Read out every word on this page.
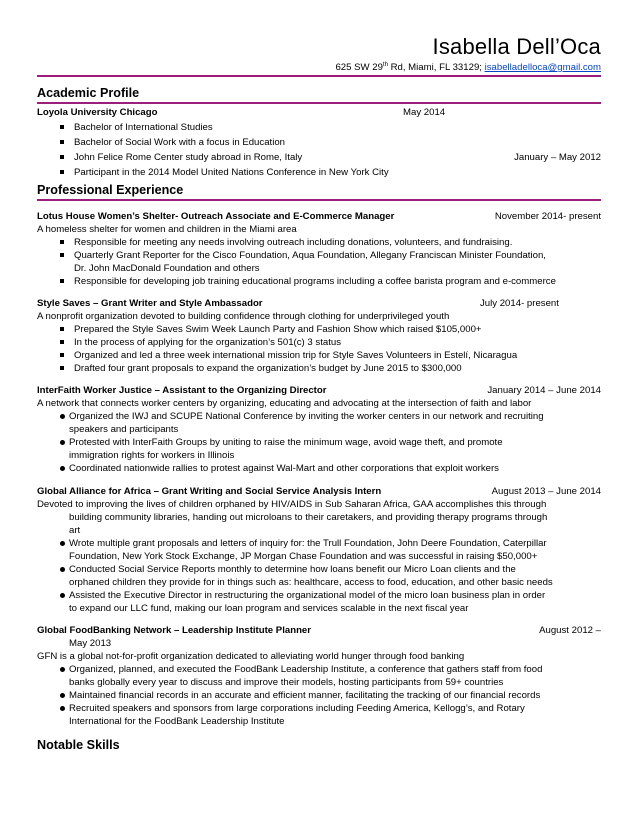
Isabella Dell’Oca
625 SW 29th Rd, Miami, FL 33129; isabelladelloca@gmail.com
Academic Profile
Loyola University Chicago	May 2014
Bachelor of International Studies
Bachelor of Social Work with a focus in Education
John Felice Rome Center study abroad in Rome, Italy	January – May 2012
Participant in the 2014 Model United Nations Conference in New York City
Professional Experience
Lotus House Women’s Shelter- Outreach Associate and E-Commerce Manager	November 2014- present
A homeless shelter for women and children in the Miami area
Responsible for meeting any needs involving outreach including donations, volunteers, and fundraising.
Quarterly Grant Reporter for the Cisco Foundation, Aqua Foundation, Allegany Franciscan Minister Foundation,
Dr. John MacDonald Foundation and others
Responsible for developing job training educational programs including a coffee barista program and e-commerce
Style Saves – Grant Writer and Style Ambassador	July 2014- present
A nonprofit organization devoted to building confidence through clothing for underprivileged youth
Prepared the Style Saves Swim Week Launch Party and Fashion Show which raised $105,000+
In the process of applying for the organization’s 501(c) 3 status
Organized and led a three week international mission trip for Style Saves Volunteers in Estelí, Nicaragua
Drafted four grant proposals to expand the organization’s budget by June 2015 to $300,000
InterFaith Worker Justice – Assistant to the Organizing Director	January 2014 – June 2014
A network that connects worker centers by organizing, educating and advocating at the intersection of faith and labor
Organized the IWJ and SCUPE National Conference by inviting the worker centers in our network and recruiting
speakers and participants
Protested with InterFaith Groups by uniting to raise the minimum wage, avoid wage theft, and promote
immigration rights for workers in Illinois
Coordinated nationwide rallies to protest against Wal-Mart and other corporations that exploit workers
Global Alliance for Africa – Grant Writing and Social Service Analysis Intern	August 2013 – June 2014
Devoted to improving the lives of children orphaned by HIV/AIDS in Sub Saharan Africa, GAA accomplishes this through
building community libraries, handing out microloans to their caretakers, and providing therapy programs through
art
Wrote multiple grant proposals and letters of inquiry for: the Trull Foundation, John Deere Foundation, Caterpillar
Foundation, New York Stock Exchange, JP Morgan Chase Foundation and was successful in raising $50,000+
Conducted Social Service Reports monthly to determine how loans benefit our Micro Loan clients and the
orphaned children they provide for in things such as: healthcare, access to food, education, and other basic needs
Assisted the Executive Director in restructuring the organizational model of the micro loan business plan in order
to expand our LLC fund, making our loan program and services scalable in the next fiscal year
Global FoodBanking Network – Leadership Institute Planner	August 2012 –
May 2013
GFN is a global not-for-profit organization dedicated to alleviating world hunger through food banking
Organized, planned, and executed the FoodBank Leadership Institute, a conference that gathers staff from food
banks globally every year to discuss and improve their models, hosting participants from 59+ countries
Maintained financial records in an accurate and efficient manner, facilitating the tracking of our financial records
Recruited speakers and sponsors from large corporations including Feeding America, Kellogg’s, and Rotary
International for the FoodBank Leadership Institute
Notable Skills
